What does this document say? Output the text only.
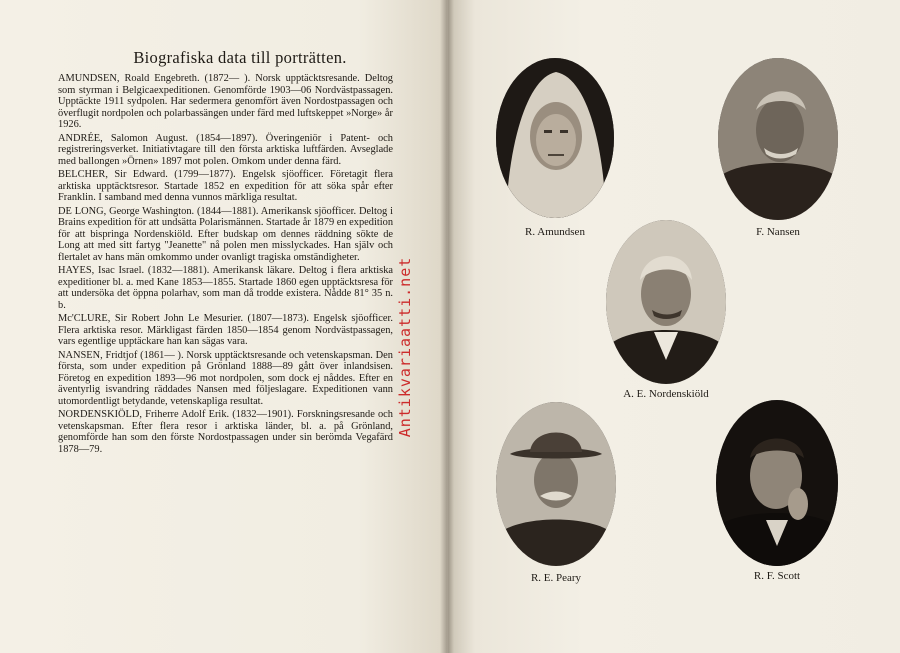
Biografiska data till porträtten.

AMUNDSEN, Roald Engebreth. (1872— ). Norsk upptäcktsresande. Deltog som styrman i Belgicaexpeditionen. Genomförde 1903—06 Nordvästpassagen. Upptäckte 1911 sydpolen. Har sedermera genomfört även Nordostpassagen och överflugit nordpolen och polarbassängen under färd med luftskeppet »Norge» år 1926.

ANDRÉE, Salomon August. (1854—1897). Överingeniör i Patent- och registreringsverket. Initiativtagare till den första arktiska luftfärden. Avseglade med ballongen »Örnen» 1897 mot polen. Omkom under denna färd.

BELCHER, Sir Edward. (1799—1877). Engelsk sjöofficer. Företagit flera arktiska upptäcktsresor. Startade 1852 en expedition för att söka spår efter Franklin. I samband med denna vunnos märkliga resultat.

DE LONG, George Washington. (1844—1881). Amerikansk sjöofficer. Deltog i Brains expedition för att undsätta Polarismännen. Startade år 1879 en expedition för att bispringa Nordenskiöld. Efter budskap om dennes räddning sökte de Long att med sitt fartyg "Jeanette" nå polen men misslyckades. Han själv och flertalet av hans män omkommo under ovanligt tragiska omständigheter.

HAYES, Isac Israel. (1832—1881). Amerikansk läkare. Deltog i flera arktiska expeditioner bl. a. med Kane 1853—1855. Startade 1860 egen upptäcktsresa för att undersöka det öppna polarhav, som man då trodde existera. Nådde 81° 35 n. b.

Mc'CLURE, Sir Robert John Le Mesurier. (1807—1873). Engelsk sjöofficer. Flera arktiska resor. Märkligast färden 1850—1854 genom Nordvästpassagen, vars egentlige upptäckare han kan sägas vara.

NANSEN, Fridtjof (1861— ). Norsk upptäcktsresande och vetenskapsman. Den första, som under expedition på Grönland 1888—89 gått över inlandsisen. Företog en expedition 1893—96 mot nordpolen, som dock ej nåddes. Efter en äventyrlig isvandring räddades Nansen med följeslagare. Expeditionen vann utomordentligt betydande, vetenskapliga resultat.

NORDENSKIÖLD, Friherre Adolf Erik. (1832—1901). Forskningsresande och vetenskapsman. Efter flera resor i arktiska länder, bl. a. på Grönland, genomförde han som den förste Nordostpassagen under sin berömda Vegafärd 1878—79.

Antikvariaatti.net
R. Amundsen	F. Nansen
A. E. Nordenskiöld
R. E. Peary	R. F. Scott
